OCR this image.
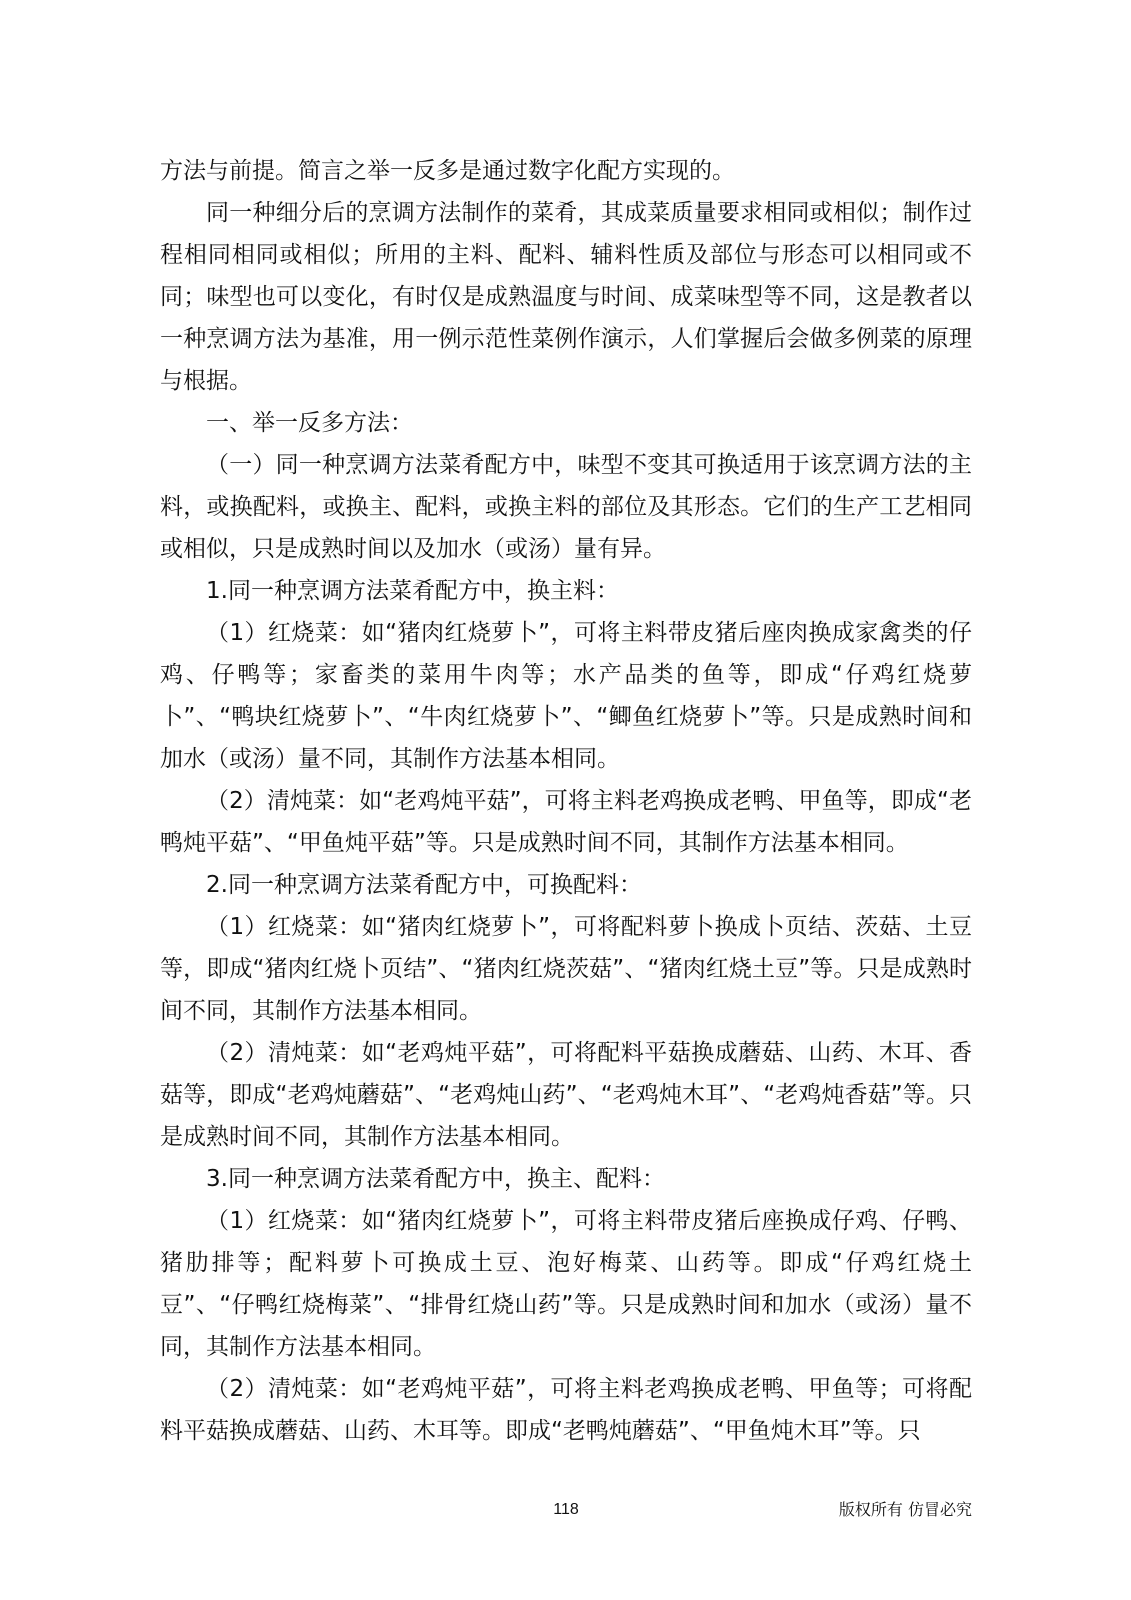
方法与前提。简言之举一反多是通过数字化配方实现的。

同一种细分后的烹调方法制作的菜肴，其成菜质量要求相同或相似；制作过程相同相同或相似；所用的主料、配料、辅料性质及部位与形态可以相同或不同；味型也可以变化，有时仅是成熟温度与时间、成菜味型等不同，这是教者以一种烹调方法为基准，用一例示范性菜例作演示，人们掌握后会做多例菜的原理与根据。

一、举一反多方法：

（一）同一种烹调方法菜肴配方中，味型不变其可换适用于该烹调方法的主料，或换配料，或换主、配料，或换主料的部位及其形态。它们的生产工艺相同或相似，只是成熟时间以及加水（或汤）量有异。

1.同一种烹调方法菜肴配方中，换主料：

（1）红烧菜：如“猪肉红烧萝卜”，可将主料带皮猪后座肉换成家禽类的仔鸡、仔鸭等；家畜类的菜用牛肉等；水产品类的鱼等，即成“仔鸡红烧萝卜”、“鸭块红烧萝卜”、“牛肉红烧萝卜”、“鲫鱼红烧萝卜”等。只是成熟时间和加水（或汤）量不同，其制作方法基本相同。

（2）清炖菜：如“老鸡炖平菇”，可将主料老鸡换成老鸭、甲鱼等，即成“老鸭炖平菇”、“甲鱼炖平菇”等。只是成熟时间不同，其制作方法基本相同。

2.同一种烹调方法菜肴配方中，可换配料：

（1）红烧菜：如“猪肉红烧萝卜”，可将配料萝卜换成卜页结、茨菇、土豆等，即成“猪肉红烧卜页结”、“猪肉红烧茨菇”、“猪肉红烧土豆”等。只是成熟时间不同，其制作方法基本相同。

（2）清炖菜：如“老鸡炖平菇”，可将配料平菇换成蘑菇、山药、木耳、香菇等，即成“老鸡炖蘑菇”、“老鸡炖山药”、“老鸡炖木耳”、“老鸡炖香菇”等。只是成熟时间不同，其制作方法基本相同。

3.同一种烹调方法菜肴配方中，换主、配料：

（1）红烧菜：如“猪肉红烧萝卜”，可将主料带皮猪后座换成仔鸡、仔鸭、猪肋排等；配料萝卜可换成土豆、泡好梅菜、山药等。即成“仔鸡红烧土豆”、“仔鸭红烧梅菜”、“排骨红烧山药”等。只是成熟时间和加水（或汤）量不同，其制作方法基本相同。

（2）清炖菜：如“老鸡炖平菇”，可将主料老鸡换成老鸭、甲鱼等；可将配料平菇换成蘑菇、山药、木耳等。即成“老鸭炖蘑菇”、“甲鱼炖木耳”等。只

118	版权所有 仿冒必究
